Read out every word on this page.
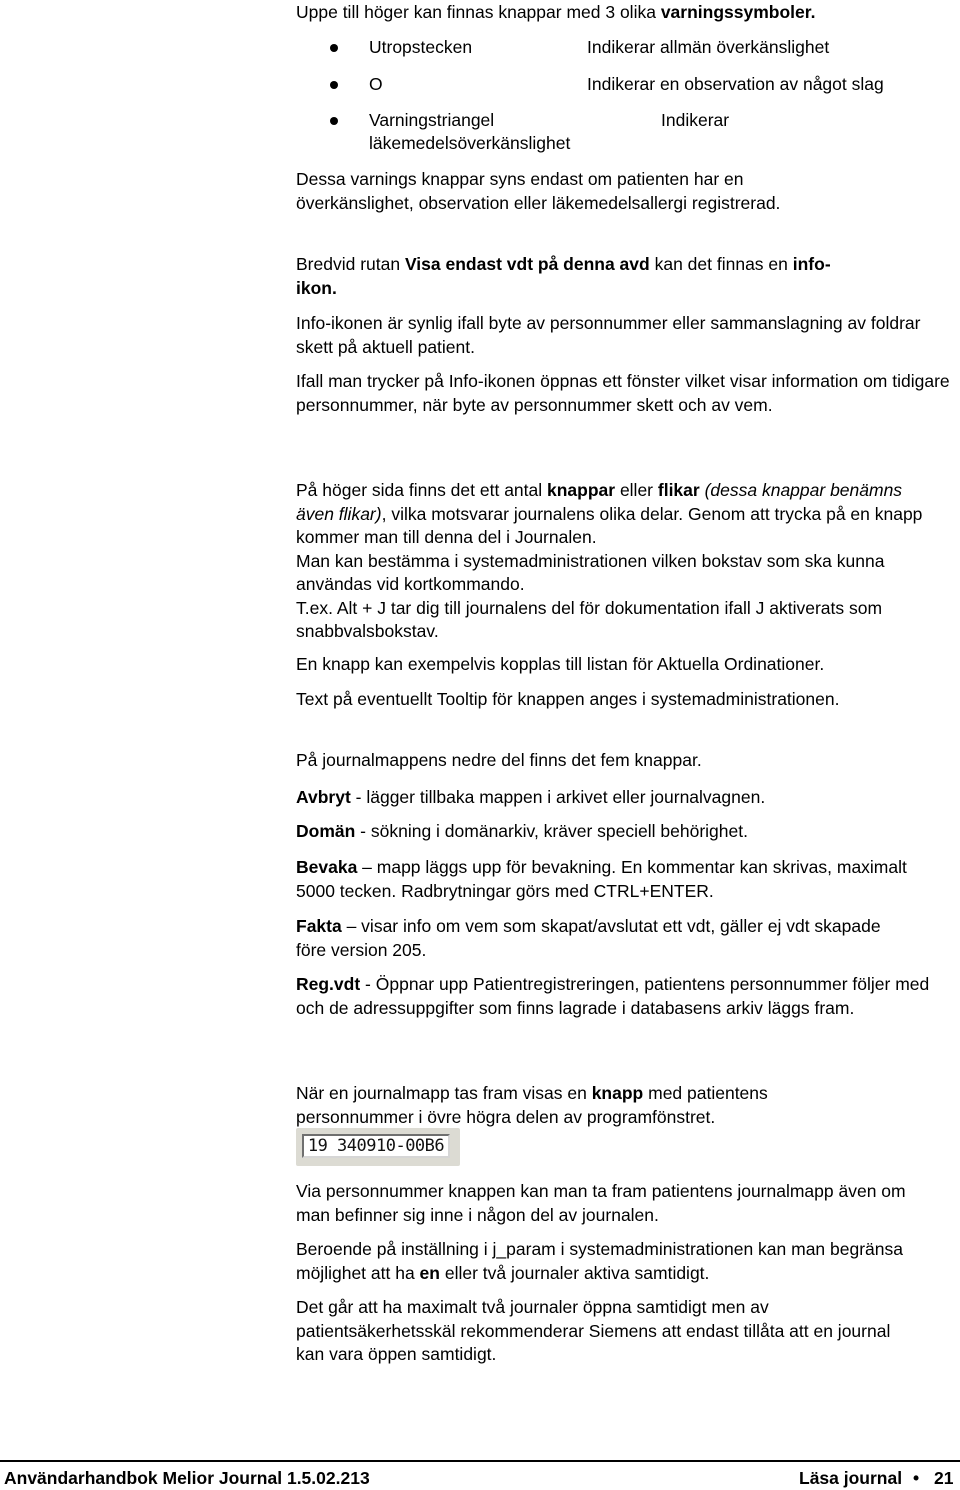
Uppe till höger kan finnas knappar med 3 olika varningssymboler.

Utropstecken	Indikerar allmän överkänslighet
O	Indikerar en observation av något slag
Varningstriangel	Indikerar
läkemedelsöverkänslighet

Dessa varnings knappar syns endast om patienten har en överkänslighet, observation eller läkemedelsallergi registrerad.

Bredvid rutan Visa endast vdt på denna avd kan det finnas en info-
ikon.

Info-ikonen är synlig ifall byte av personnummer eller sammanslagning av foldrar skett på aktuell patient.

Ifall man trycker på Info-ikonen öppnas ett fönster vilket visar information om tidigare personnummer, när byte av personnummer skett och av vem.

På höger sida finns det ett antal knappar eller flikar (dessa knappar benämns även flikar), vilka motsvarar journalens olika delar. Genom att trycka på en knapp kommer man till denna del i Journalen.
Man kan bestämma i systemadministrationen vilken bokstav som ska kunna användas vid kortkommando.
T.ex. Alt + J tar dig till journalens del för dokumentation ifall J aktiverats som snabbvalsbokstav.

En knapp kan exempelvis kopplas till listan för Aktuella Ordinationer.

Text på eventuellt Tooltip för knappen anges i systemadministrationen.

På journalmappens nedre del finns det fem knappar.

Avbryt - lägger tillbaka mappen i arkivet eller journalvagnen.

Domän - sökning i domänarkiv, kräver speciell behörighet.

Bevaka – mapp läggs upp för bevakning. En kommentar kan skrivas, maximalt 5000 tecken. Radbrytningar görs med CTRL+ENTER.

Fakta – visar info om vem som skapat/avslutat ett vdt, gäller ej vdt skapade före version 205.

Reg.vdt - Öppnar upp Patientregistreringen, patientens personnummer följer med och de adressuppgifter som finns lagrade i databasens arkiv läggs fram.

När en journalmapp tas fram visas en knapp med patientens personnummer i övre högra delen av programfönstret.

19 340910-00B6

Via personnummer knappen kan man ta fram patientens journalmapp även om man befinner sig inne i någon del av journalen.

Beroende på inställning i j_param i systemadministrationen kan man begränsa möjlighet att ha en eller två journaler aktiva samtidigt.

Det går att ha maximalt två journaler öppna samtidigt men av patientsäkerhetsskäl rekommenderar Siemens att endast tillåta att en journal kan vara öppen samtidigt.

Användarhandbok Melior Journal 1.5.02.213	Läsa journal • 21
